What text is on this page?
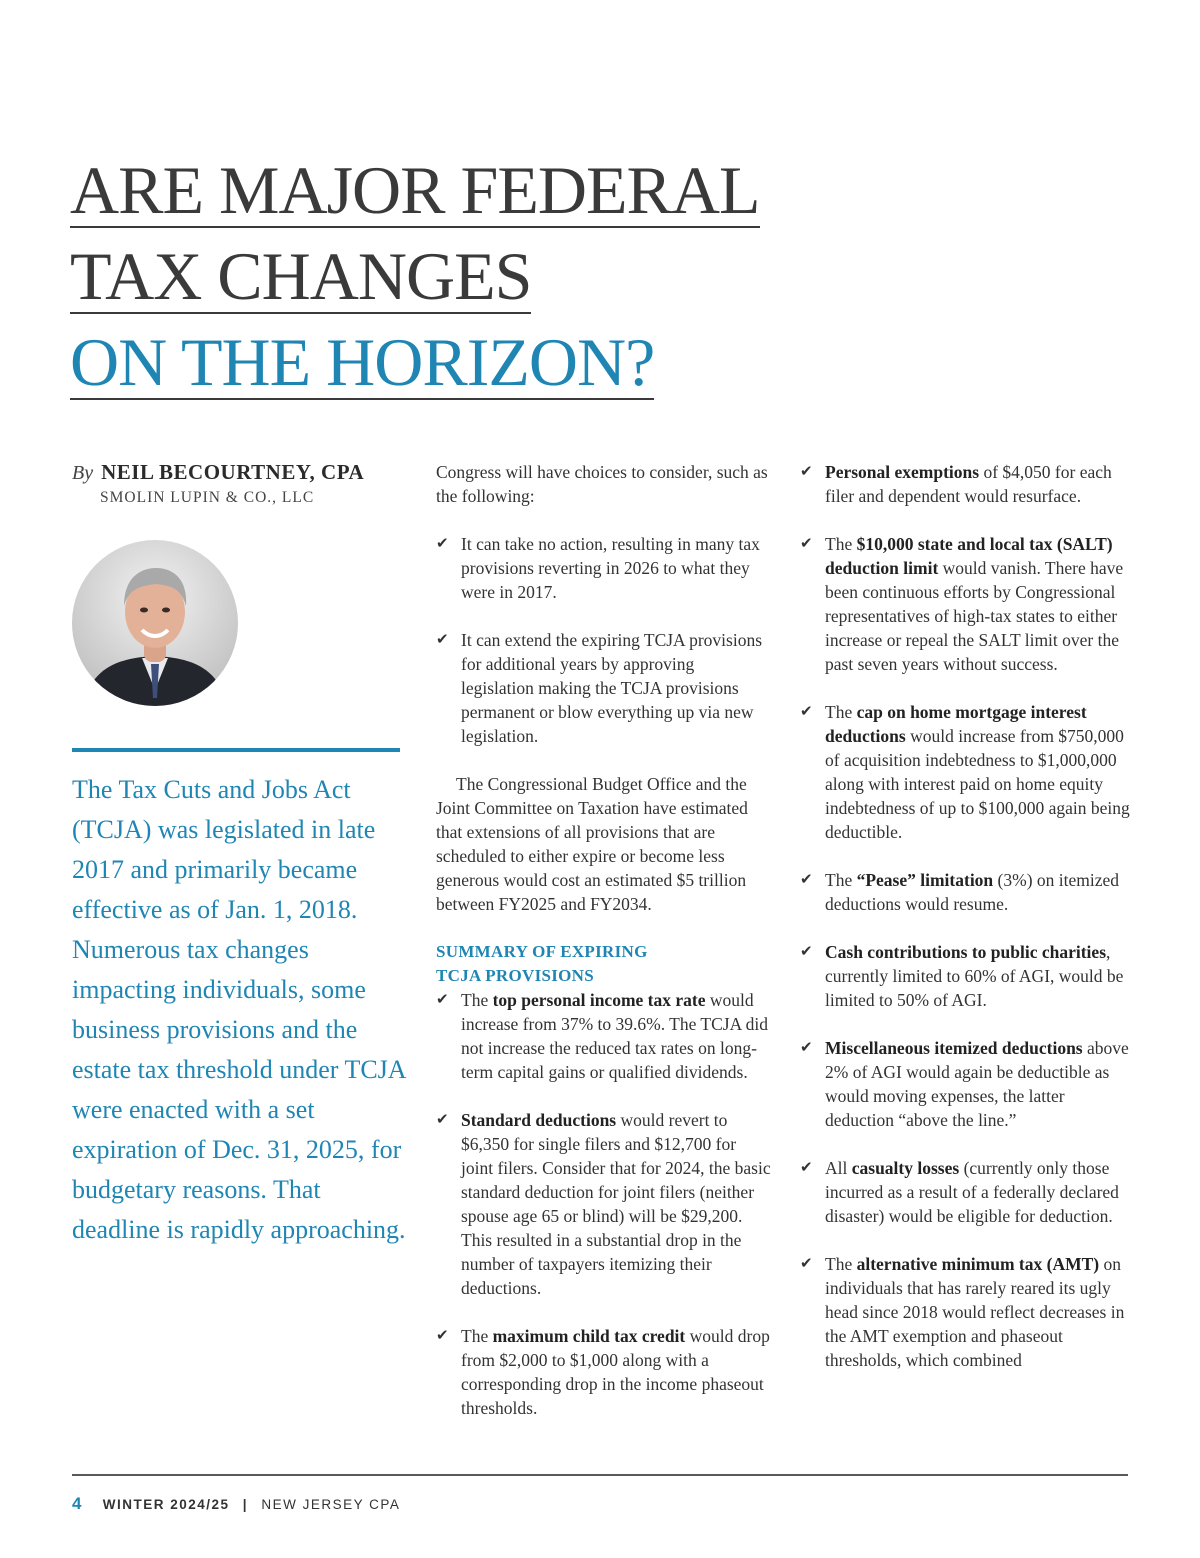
ARE MAJOR FEDERAL
TAX CHANGES
ON THE HORIZON?
By NEIL BECOURTNEY, CPA
SMOLIN LUPIN & CO., LLC
The Tax Cuts and Jobs Act (TCJA) was legislated in late 2017 and primarily became effective as of Jan. 1, 2018. Numerous tax changes impacting individuals, some business provisions and the estate tax threshold under TCJA were enacted with a set expiration of Dec. 31, 2025, for budgetary reasons. That deadline is rapidly approaching.

Congress will have choices to consider, such as the following:

✔ It can take no action, resulting in many tax provisions reverting in 2026 to what they were in 2017.

✔ It can extend the expiring TCJA provisions for additional years by approving legislation making the TCJA provisions permanent or blow everything up via new legislation.

The Congressional Budget Office and the Joint Committee on Taxation have estimated that extensions of all provisions that are scheduled to either expire or become less generous would cost an estimated $5 trillion between FY2025 and FY2034.

SUMMARY OF EXPIRING
TCJA PROVISIONS

✔ The top personal income tax rate would increase from 37% to 39.6%. The TCJA did not increase the reduced tax rates on long-term capital gains or qualified dividends.

✔ Standard deductions would revert to $6,350 for single filers and $12,700 for joint filers. Consider that for 2024, the basic standard deduction for joint filers (neither spouse age 65 or blind) will be $29,200. This resulted in a substantial drop in the number of taxpayers itemizing their deductions.

✔ The maximum child tax credit would drop from $2,000 to $1,000 along with a corresponding drop in the income phaseout thresholds.

✔ Personal exemptions of $4,050 for each filer and dependent would resurface.

✔ The $10,000 state and local tax (SALT) deduction limit would vanish. There have been continuous efforts by Congressional representatives of high-tax states to either increase or repeal the SALT limit over the past seven years without success.

✔ The cap on home mortgage interest deductions would increase from $750,000 of acquisition indebtedness to $1,000,000 along with interest paid on home equity indebtedness of up to $100,000 again being deductible.

✔ The “Pease” limitation (3%) on itemized deductions would resume.

✔ Cash contributions to public charities, currently limited to 60% of AGI, would be limited to 50% of AGI.

✔ Miscellaneous itemized deductions above 2% of AGI would again be deductible as would moving expenses, the latter deduction “above the line.”

✔ All casualty losses (currently only those incurred as a result of a federally declared disaster) would be eligible for deduction.

✔ The alternative minimum tax (AMT) on individuals that has rarely reared its ugly head since 2018 would reflect decreases in the AMT exemption and phaseout thresholds, which combined

4 WINTER 2024/25 | NEW JERSEY CPA
